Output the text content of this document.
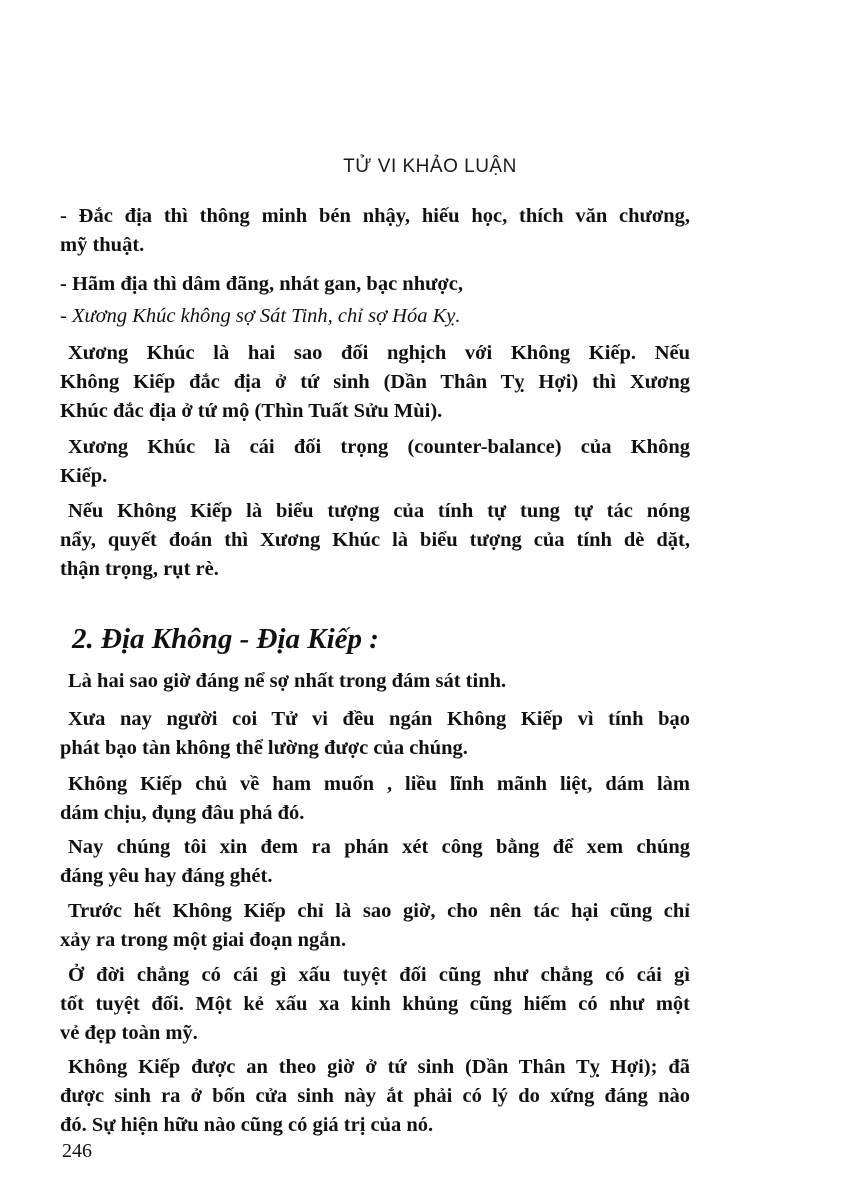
TỬ VI KHẢO LUẬN
- Đắc địa thì thông minh bén nhậy, hiếu học, thích văn chương,
mỹ thuật.
- Hãm địa thì dâm đãng, nhát gan, bạc nhược,
- Xương Khúc không sợ Sát Tinh, chỉ sợ Hóa Kỵ.
Xương Khúc là hai sao đối nghịch với Không Kiếp. Nếu
Không Kiếp đắc địa ở tứ sinh (Dần Thân Tỵ Hợi) thì Xương
Khúc đắc địa ở tứ mộ (Thìn Tuất Sửu Mùi).
Xương Khúc là cái đối trọng (counter-balance) của Không
Kiếp.
Nếu Không Kiếp là biểu tượng của tính tự tung tự tác nóng
nẩy, quyết đoán thì Xương Khúc là biểu tượng của tính dè dặt,
thận trọng, rụt rè.
2. Địa Không - Địa Kiếp :
Là hai sao giờ đáng nể sợ nhất trong đám sát tinh.
Xưa nay người coi Tử vi đều ngán Không Kiếp vì tính bạo
phát bạo tàn không thể lường được của chúng.
Không Kiếp chủ về ham muốn , liều lĩnh mãnh liệt, dám làm
dám chịu, đụng đâu phá đó.
Nay chúng tôi xin đem ra phán xét công bằng để xem chúng
đáng yêu hay đáng ghét.
Trước hết Không Kiếp chỉ là sao giờ, cho nên tác hại cũng chỉ
xảy ra trong một giai đoạn ngắn.
Ở đời chẳng có cái gì xấu tuyệt đối cũng như chẳng có cái gì
tốt tuyệt đối. Một kẻ xấu xa kinh khủng cũng hiếm có như một
vẻ đẹp toàn mỹ.
Không Kiếp được an theo giờ ở tứ sinh (Dần Thân Tỵ Hợi); đã
được sinh ra ở bốn cửa sinh này ắt phải có lý do xứng đáng nào
đó. Sự hiện hữu nào cũng có giá trị của nó.
246
